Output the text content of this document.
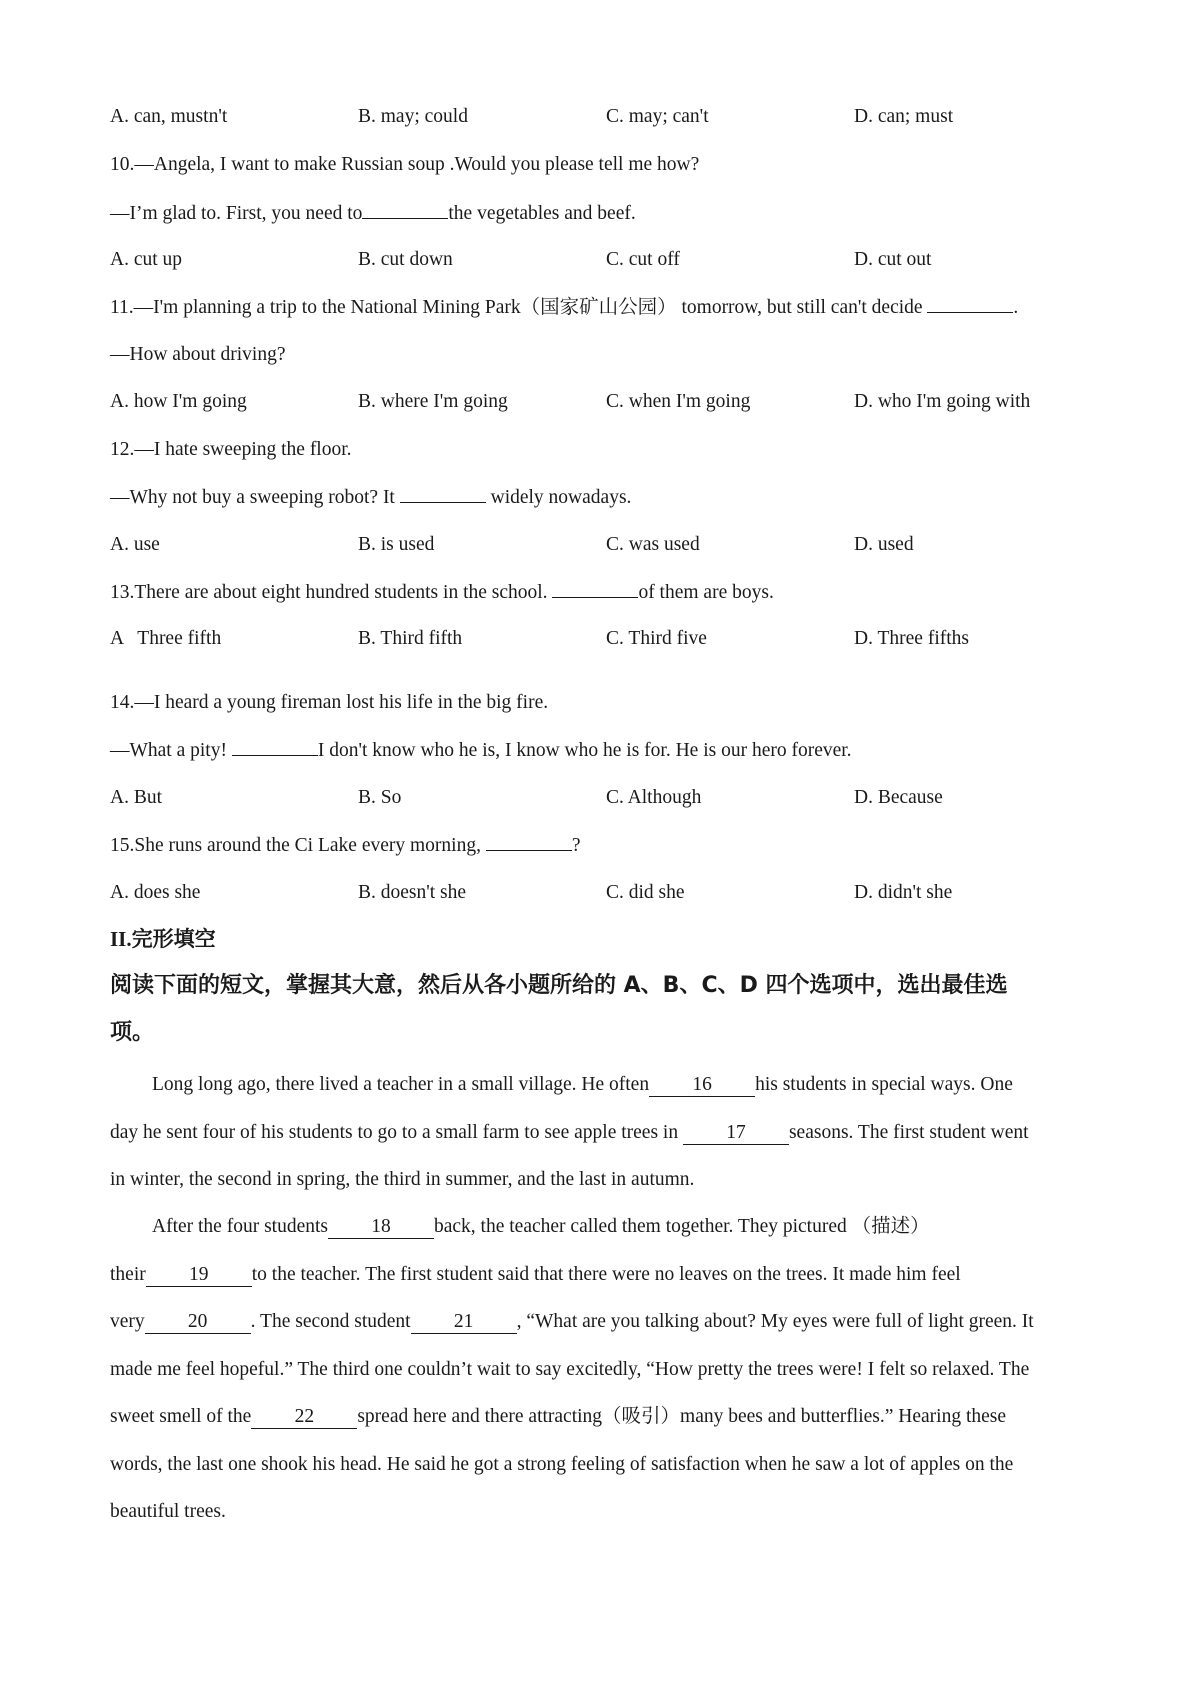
A. can, mustn't	B. may; could	C. may; can't	D. can; must
10.—Angela, I want to make Russian soup .Would you please tell me how?
—I’m glad to. First, you need to	the vegetables and beef.
A. cut up	B. cut down	C. cut off	D. cut out
11.—I'm planning a trip to the National Mining Park（国家矿山公园） tomorrow, but still can't decide	.
—How about driving?
A. how I'm going	B. where I'm going	C. when I'm going	D. who I'm going with
12.—I hate sweeping the floor.
—Why not buy a sweeping robot? It	widely nowadays.
A. use	B. is used	C. was used	D. used
13.There are about eight hundred students in the school.	of them are boys.
A   Three fifth	B. Third fifth	C. Third five	D. Three fifths
14.—I heard a young fireman lost his life in the big fire.
—What a pity!	I don't know who he is, I know who he is for. He is our hero forever.
A. But	B. So	C. Although	D. Because
15.She runs around the Ci Lake every morning,	?
A. does she	B. doesn't she	C. did she	D. didn't she
II.完形填空
阅读下面的短文，掌握其大意，然后从各小题所给的 A、B、C、D 四个选项中，选出最佳选
项。
Long long ago, there lived a teacher in a small village. He often 16 his students in special ways. One
day he sent four of his students to go to a small farm to see apple trees in 17 seasons. The first student went
in winter, the second in spring, the third in summer, and the last in autumn.
After the four students 18 back, the teacher called them together. They pictured （描述）
their 19 to the teacher. The first student said that there were no leaves on the trees. It made him feel
very 20 . The second student 21 , “What are you talking about? My eyes were full of light green. It
made me feel hopeful.” The third one couldn’t wait to say excitedly, “How pretty the trees were! I felt so relaxed. The
sweet smell of the 22 spread here and there attracting（吸引）many bees and butterflies.” Hearing these
words, the last one shook his head. He said he got a strong feeling of satisfaction when he saw a lot of apples on the
beautiful trees.
